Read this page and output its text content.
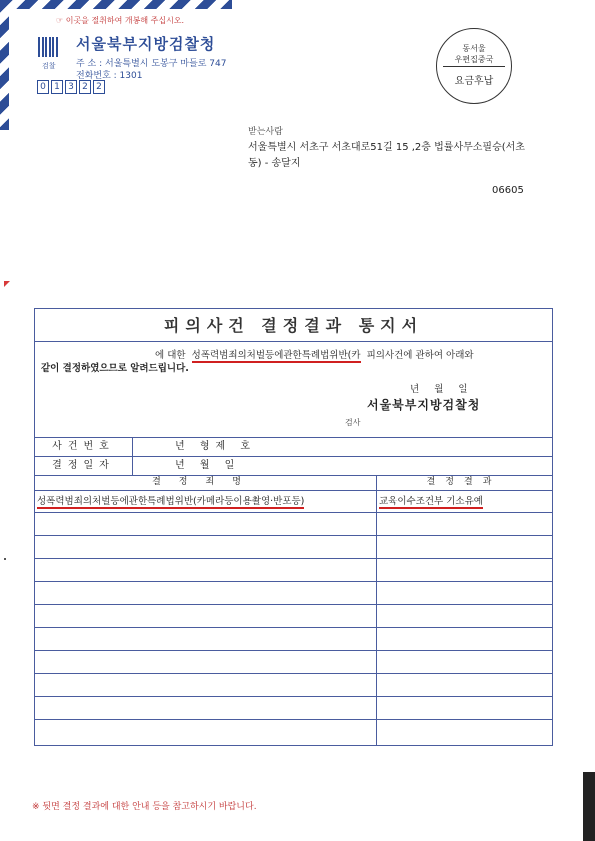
☞ 이곳을 절취하여 개봉해 주십시오.
검찰
서울북부지방검찰청
주 소 : 서울특별시 도봉구 마들로 747
전화번호 : 1301
0 1 3 2 2
동서울
우편집중국
요금후납
받는사람
서울특별시 서초구 서초대로51길 15 ,2층 법률사무소필승(서초동) - 송달지
06605
피의사건 결정결과 통지서
에 대한 성폭력범죄의처벌등에관한특례법위반(카 피의사건에 관하여 아래와
같이 결정하였으므로 알려드립니다.
년 월 일
서울북부지방검찰청
검사
사건번호	년 형제 호
결정일자	년 월 일
결정죄명	결정결과
성폭력범죄의처벌등에관한특례법위반(카메라등이용촬영·반포등)	교육이수조건부 기소유예
※ 뒷면 결정 결과에 대한 안내 등을 참고하시기 바랍니다.
